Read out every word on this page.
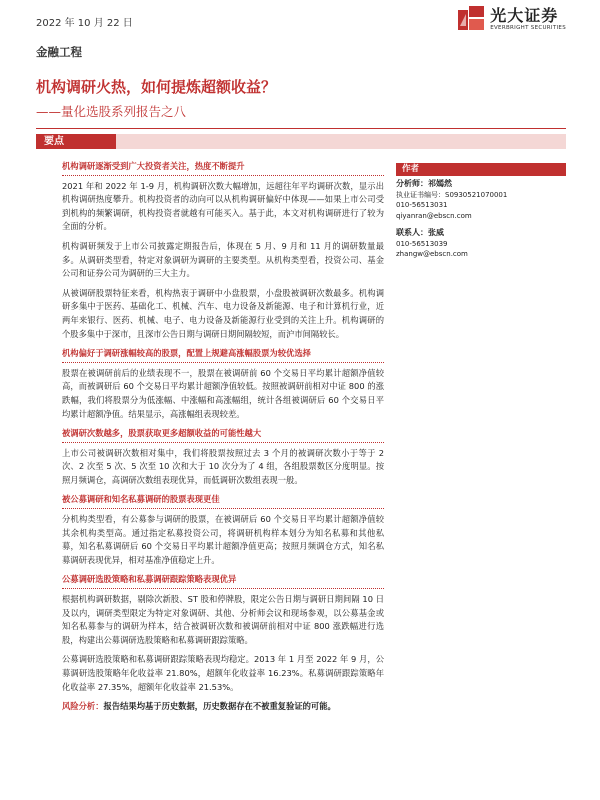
2022 年 10 月 22 日	光大证券
EVERBRIGHT SECURITIES
金融工程
机构调研火热，如何提炼超额收益？
——量化选股系列报告之八
要点
机构调研逐渐受到广大投资者关注，热度不断提升

2021 年和 2022 年 1-9 月，机构调研次数大幅增加，远超往年平均调研次数，显示出机构调研热度攀升。机构投资者的动向可以从机构调研偏好中体现——如果上市公司受到机构的频繁调研，机构投资者就越有可能买入。基于此，本文对机构调研进行了较为全面的分析。

机构调研频发于上市公司披露定期报告后，体现在 5 月、9 月和 11 月的调研数量最多。从调研类型看，特定对象调研为调研的主要类型。从机构类型看，投资公司、基金公司和证券公司为调研的三大主力。

从被调研股票特征来看，机构热衷于调研中小盘股票，小盘股被调研次数最多。机构调研多集中于医药、基础化工、机械、汽车、电力设备及新能源、电子和计算机行业，近两年来银行、医药、机械、电子、电力设备及新能源行业受到的关注上升。机构调研的个股多集中于深市，且深市公告日期与调研日期间隔较短，而沪市间隔较长。

机构偏好于调研涨幅较高的股票，配置上规避高涨幅股票为较优选择

股票在被调研前后的业绩表现不一，股票在被调研前 60 个交易日平均累计超额净值较高，而被调研后 60 个交易日平均累计超额净值较低。按照被调研前相对中证 800 的涨跌幅，我们将股票分为低涨幅、中涨幅和高涨幅组，统计各组被调研后 60 个交易日平均累计超额净值。结果显示，高涨幅组表现较差。

被调研次数越多，股票获取更多超额收益的可能性越大

上市公司被调研次数相对集中，我们将股票按照过去 3 个月的被调研次数小于等于 2 次、2 次至 5 次、5 次至 10 次和大于 10 次分为了 4 组，各组股票数区分度明显。按照月频调仓，高调研次数组表现优异，而低调研次数组表现一般。

被公募调研和知名私募调研的股票表现更佳

分机构类型看，有公募参与调研的股票，在被调研后 60 个交易日平均累计超额净值较其余机构类型高。通过指定私募投资公司，将调研机构样本划分为知名私募和其他私募，知名私募调研后 60 个交易日平均累计超额净值更高；按照月频调仓方式，知名私募调研表现优异，相对基准净值稳定上升。

公募调研选股策略和私募调研跟踪策略表现优异

根据机构调研数据，剔除次新股、ST 股和停牌股，限定公告日期与调研日期间隔 10 日及以内，调研类型限定为特定对象调研、其他、分析师会议和现场参观，以公募基金或知名私募参与的调研为样本，结合被调研次数和被调研前相对中证 800 涨跌幅进行选股，构建出公募调研选股策略和私募调研跟踪策略。

公募调研选股策略和私募调研跟踪策略表现均稳定。2013 年 1 月至 2022 年 9 月，公募调研选股策略年化收益率 21.80%，超额年化收益率 16.23%。私募调研跟踪策略年化收益率 27.35%，超额年化收益率 21.53%。

风险分析：报告结果均基于历史数据，历史数据存在不被重复验证的可能。
作者
分析师：祁嫣然
执业证书编号：S0930521070001
010-56513031
qiyanran@ebscn.com
联系人：张威
010-56513039
zhangw@ebscn.com
